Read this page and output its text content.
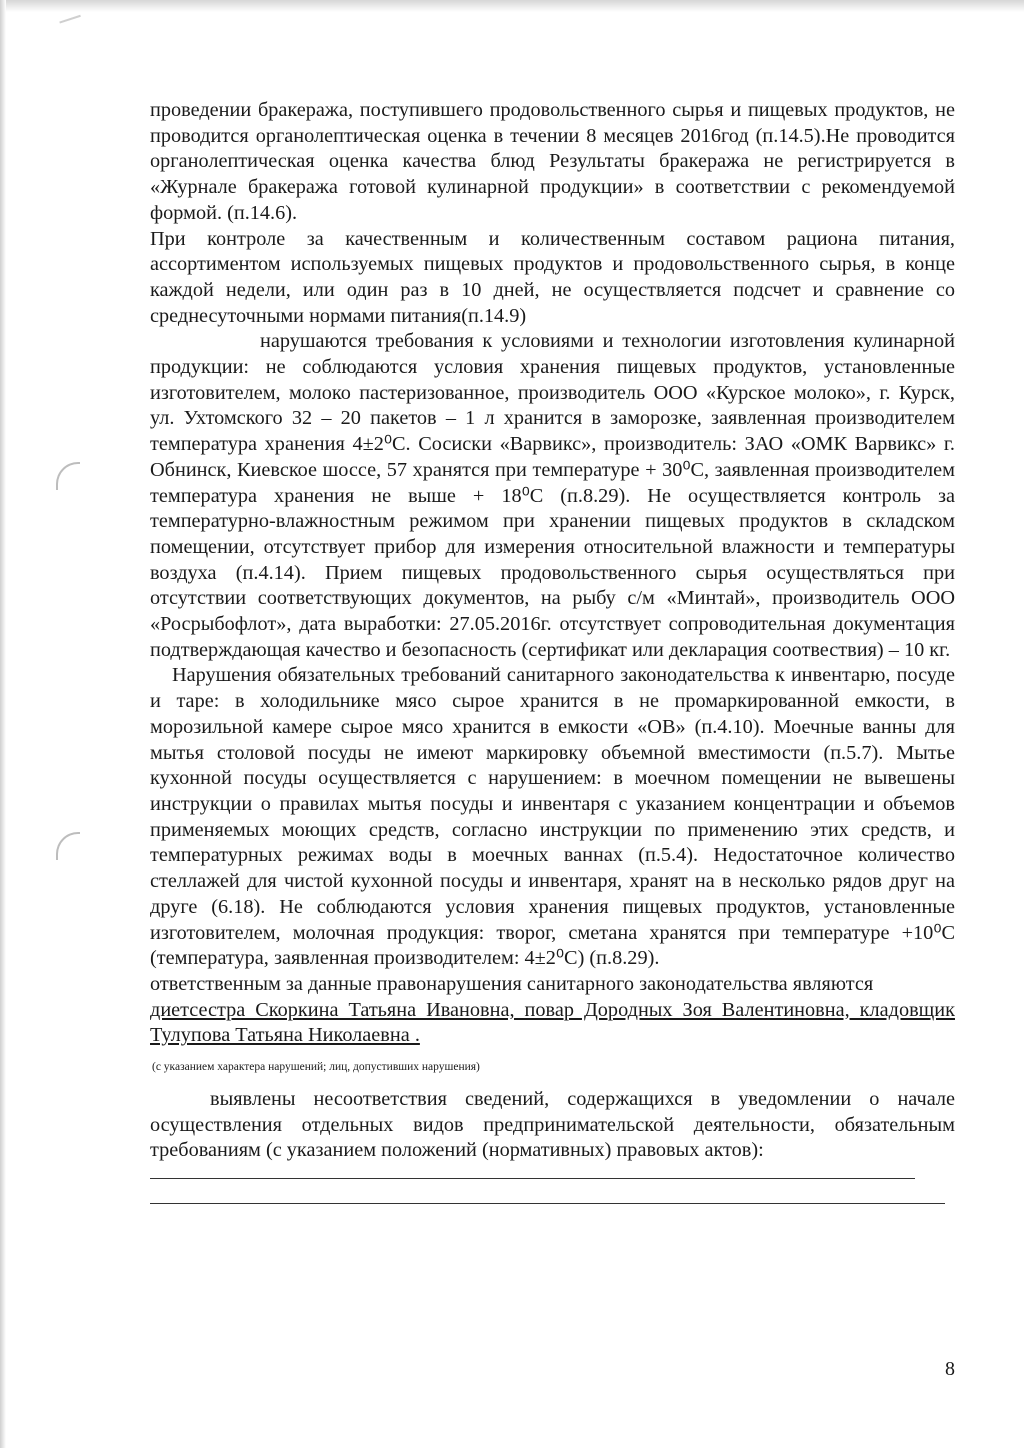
проведении бракеража, поступившего продовольственного сырья и пищевых продуктов, не проводится органолептическая оценка в течении 8 месяцев 2016год (п.14.5).Не проводится органолептическая оценка качества блюд Результаты бракеража не регистрируется в «Журнале бракеража готовой кулинарной продукции» в соответствии с рекомендуемой формой. (п.14.6).

При контроле за качественным и количественным составом рациона питания, ассортиментом используемых пищевых продуктов и продовольственного сырья, в конце каждой недели, или один раз в 10 дней, не осуществляется подсчет и сравнение со среднесуточными нормами питания(п.14.9)

нарушаются требования к условиями и технологии изготовления кулинарной продукции: не соблюдаются условия хранения пищевых продуктов, установленные изготовителем, молоко пастеризованное, производитель ООО «Курское молоко», г. Курск, ул. Ухтомского 32 – 20 пакетов – 1 л хранится в заморозке, заявленная производителем температура хранения 4±2⁰С. Сосиски «Варвикс», производитель: ЗАО «ОМК Варвикс» г. Обнинск, Киевское шоссе, 57 хранятся при температуре + 30⁰С, заявленная производителем температура хранения не выше + 18⁰С (п.8.29). Не осуществляется контроль за температурно-влажностным режимом при хранении пищевых продуктов в складском помещении, отсутствует прибор для измерения относительной влажности и температуры воздуха (п.4.14). Прием пищевых продовольственного сырья осуществляться при отсутствии соответствующих документов, на рыбу с/м «Минтай», производитель ООО «Росрыбофлот», дата выработки: 27.05.2016г. отсутствует сопроводительная документация подтверждающая качество и безопасность (сертификат или декларация соотвествия) – 10 кг.

Нарушения обязательных требований санитарного законодательства к инвентарю, посуде и таре: в холодильнике мясо сырое хранится в не промаркированной емкости, в морозильной камере сырое мясо хранится в емкости «ОВ» (п.4.10). Моечные ванны для мытья столовой посуды не имеют маркировку объемной вместимости (п.5.7). Мытье кухонной посуды осуществляется с нарушением: в моечном помещении не вывешены инструкции о правилах мытья посуды и инвентаря с указанием концентрации и объемов применяемых моющих средств, согласно инструкции по применению этих средств, и температурных режимах воды в моечных ваннах (п.5.4). Недостаточное количество стеллажей для чистой кухонной посуды и инвентаря, хранят на в несколько рядов друг на друге (6.18). Не соблюдаются условия хранения пищевых продуктов, установленные изготовителем, молочная продукция: творог, сметана хранятся при температуре +10⁰С (температура, заявленная производителем: 4±2⁰С) (п.8.29).

ответственным за данные правонарушения санитарного законодательства являются

диетсестра Скоркина Татьяна Ивановна, повар Дородных Зоя Валентиновна, кладовщик Тулупова Татьяна Николаевна .

(с указанием характера нарушений; лиц, допустивших нарушения)

выявлены несоответствия сведений, содержащихся в уведомлении о начале осуществления отдельных видов предпринимательской деятельности, обязательным требованиям (с указанием положений (нормативных) правовых актов):

8
